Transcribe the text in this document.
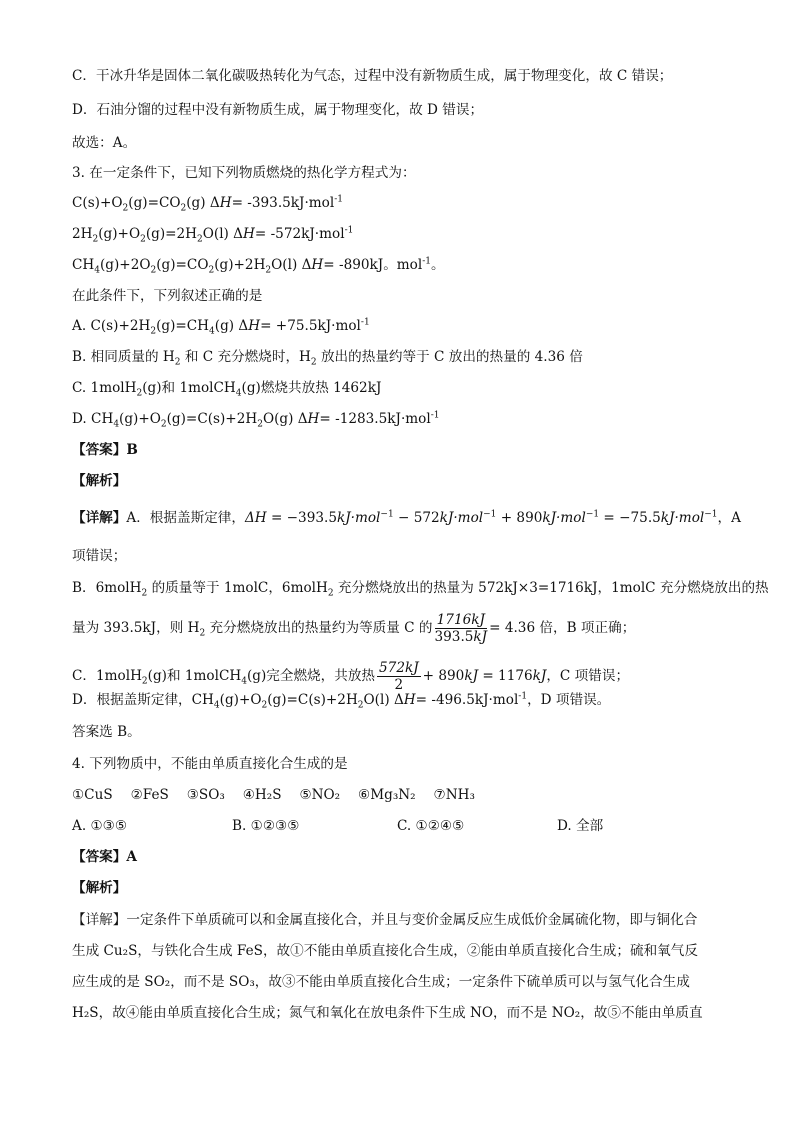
C．干冰升华是固体二氧化碳吸热转化为气态，过程中没有新物质生成，属于物理变化，故 C 错误；
D．石油分馏的过程中没有新物质生成，属于物理变化，故 D 错误；
故选：A。
3. 在一定条件下，已知下列物质燃烧的热化学方程式为：
$C(s)+O_2(g)=CO_2(g)$ ΔH= -393.5kJ·mol$^{-1}$
$2H_2(g)+O_2(g)=2H_2O(l)$ ΔH= -572kJ·mol$^{-1}$
$CH_4(g)+2O_2(g)=CO_2(g)+2H_2O(l)$ ΔH= -890kJ。mol$^{-1}$。
在此条件下，下列叙述正确的是
A. $C(s)+2H_2(g)=CH_4(g)$ ΔH= +75.5kJ·mol$^{-1}$
B. 相同质量的 $H_2$ 和 C 充分燃烧时，$H_2$ 放出的热量约等于 C 放出的热量的 4.36 倍
C. 1molH$_2$(g)和 1molCH$_4$(g)燃烧共放热 1462kJ
D. $CH_4(g)+O_2(g)=C(s)+2H_2O(g)$ ΔH= -1283.5kJ·mol$^{-1}$
【答案】B
【解析】
【详解】A．根据盖斯定律，ΔH = −393.5kJ·mol$^{-1}$ − 572kJ·mol$^{-1}$ + 890kJ·mol$^{-1}$ = −75.5kJ·mol$^{-1}$，A
项错误；
B．6molH$_2$ 的质量等于 1molC，6molH$_2$ 充分燃烧放出的热量为 572kJ×3=1716kJ，1molC 充分燃烧放出的热
量为 393.5kJ，则 $H_2$ 充分燃烧放出的热量约为等质量 C 的 $\frac{1716kJ}{393.5kJ} = 4.36$ 倍，B 项正确；
C．1molH$_2$(g)和 1molCH$_4$(g)完全燃烧，共放热 $\frac{572kJ}{2} + 890kJ = 1176kJ$，C 项错误；
D．根据盖斯定律，$CH_4(g)+O_2(g)=C(s)+2H_2O(l)$ ΔH= -496.5kJ·mol$^{-1}$，D 项错误。
答案选 B。
4. 下列物质中，不能由单质直接化合生成的是
①CuS　 ②FeS　 ③SO₃　 ④H₂S　 ⑤NO₂　 ⑥Mg₃N₂　 ⑦NH₃
A. ①③⑤	B. ①②③⑤	C. ①②④⑤	D. 全部
【答案】A
【解析】
【详解】一定条件下单质硫可以和金属直接化合，并且与变价金属反应生成低价金属硫化物，即与铜化合
生成 Cu₂S，与铁化合生成 FeS，故①不能由单质直接化合生成，②能由单质直接化合生成；硫和氧气反
应生成的是 SO₂，而不是 SO₃，故③不能由单质直接化合生成；一定条件下硫单质可以与氢气化合生成
H₂S，故④能由单质直接化合生成；氮气和氧化在放电条件下生成 NO，而不是 NO₂，故⑤不能由单质直
